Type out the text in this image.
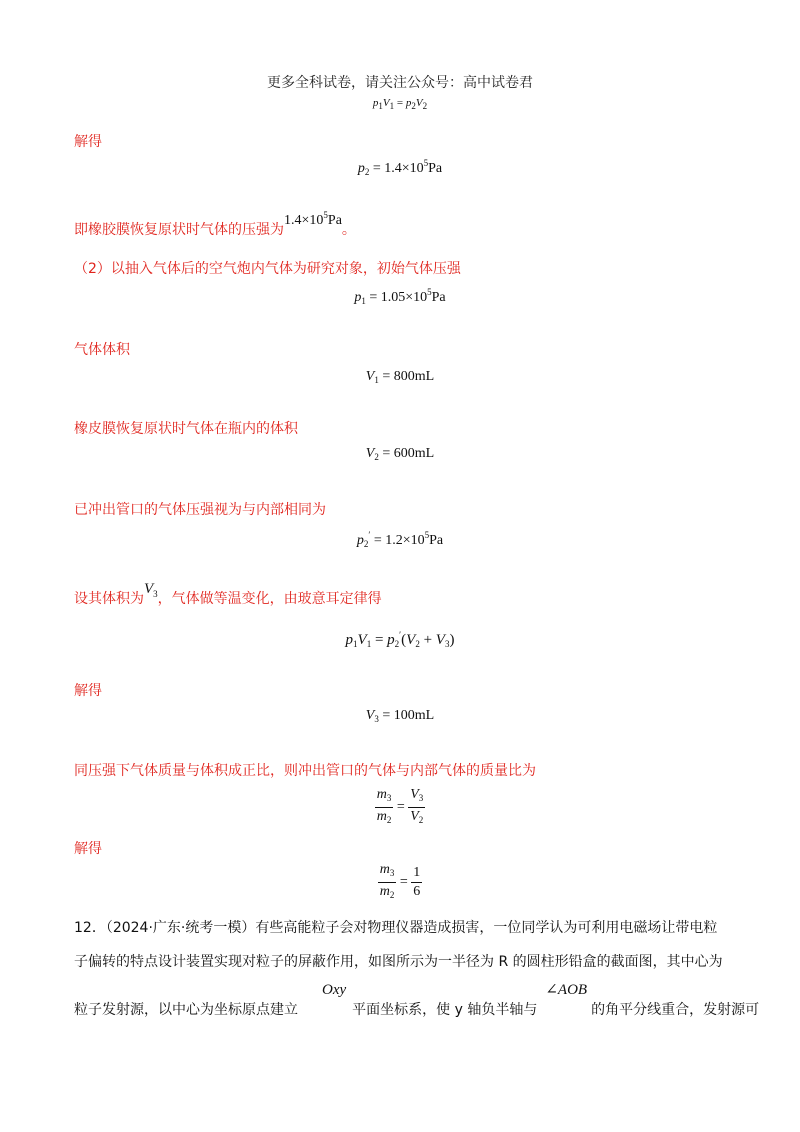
更多全科试卷，请关注公众号：高中试卷君
$p_1V_1 = p_2V_2$
解得
$p_2 = 1.4\times 10^5Pa$
即橡胶膜恢复原状时气体的压强为$1.4\times 10^5Pa$。
（2）以抽入气体后的空气炮内气体为研究对象，初始气体压强
$p_1 = 1.05\times 10^5Pa$
气体体积
$V_1 = 800mL$
橡皮膜恢复原状时气体在瓶内的体积
$V_2 = 600mL$
已冲出管口的气体压强视为与内部相同为
$p_2' = 1.2\times 10^5Pa$
设其体积为$V_3$，气体做等温变化，由玻意耳定律得
$p_1V_1 = p_2'(V_2 + V_3)$
解得
$V_3 = 100mL$
同压强下气体质量与体积成正比，则冲出管口的气体与内部气体的质量比为
$\frac{m_3}{m_2} = \frac{V_3}{V_2}$
解得
$\frac{m_3}{m_2} = \frac{1}{6}$
12．（2024·广东·统考一模）有些高能粒子会对物理仪器造成损害，一位同学认为可利用电磁场让带电粒
子偏转的特点设计装置实现对粒子的屏蔽作用，如图所示为一半径为 R 的圆柱形铅盒的截面图，其中心为
粒子发射源，以中心为坐标原点建立Oxy平面坐标系，使 y 轴负半轴与∠AOB的角平分线重合，发射源可
